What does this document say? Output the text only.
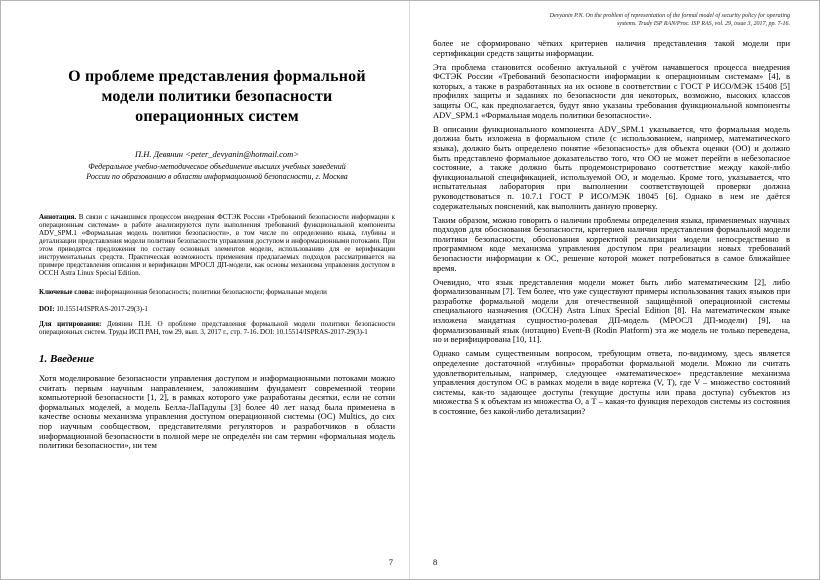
О проблеме представления формальной
модели политики безопасности
операционных систем
П.Н. Девянин <peter_devyanin@hotmail.com>
Федеральное учебно-методическое объединение высших учебных заведений
России по образованию в области информационной безопасности, г. Москва

Аннотация. В связи с начавшимся процессом внедрения ФСТЭК России «Требований безопасности информации к операционным системам» в работе анализируются пути выполнения требований функциональной компоненты ADV_SPM.1 «Формальная модель политики безопасности», в том числе по определению языка, глубины и детализации представления модели политики безопасности управления доступом и информационными потоками. При этом приводятся предложения по составу основных элементов модели, использованию для ее верификации инструментальных средств. Практическая возможность применения предлагаемых подходов рассматривается на примере представления описания и верификации МРОСЛ ДП-модели, как основы механизма управления доступом в ОССН Astra Linux Special Edition.

Ключевые слова: информационная безопасность; политики безопасности; формальные модели

DOI: 10.15514/ISPRAS-2017-29(3)-1

Для цитирования: Девянин П.Н. О проблеме представления формальной модели политики безопасности операционных систем. Труды ИСП РАН, том 29, вып. 3, 2017 г., стр. 7-16. DOI: 10.15514/ISPRAS-2017-29(3)-1

1. Введение

Хотя моделирование безопасности управления доступом и информационными потоками можно считать первым научным направлением, заложившим фундамент современной теории компьютерной безопасности [1, 2], в рамках которого уже разработаны десятки, если не сотни формальных моделей, а модель Белла-ЛаПадулы [3] более 40 лет назад была применена в качестве основы механизма управления доступом операционной системы (ОС) Multics, до сих пор научным сообществом, представителями регуляторов и разработчиков в области информационной безопасности в полной мере не определён ни сам термин «формальная модель политики безопасности», ни тем

7
Devyanin P.N. On the problem of representation of the formal model of security policy for operating systems. Trudy ISP RAN/Proc. ISP RAS, vol. 29, issue 3, 2017, pp. 7-16.

более не сформировано чётких критериев наличия представления такой модели при сертификации средств защиты информации.

Эта проблема становится особенно актуальной с учётом начавшегося процесса внедрения ФСТЭК России «Требований безопасности информации к операционным системам» [4], в которых, а также в разработанных на их основе в соответствии с ГОСТ Р ИСО/МЭК 15408 [5] профилях защиты и заданиях по безопасности для некоторых, возможно, высоких классов защиты ОС, как предполагается, будут явно указаны требования функциональной компоненты ADV_SPM.1 «Формальная модель политики безопасности».

В описании функционального компонента ADV_SPM.1 указывается, что формальная модель должна быть изложена в формальном стиле (с использованием, например, математического языка), должно быть определено понятие «безопасность» для объекта оценки (ОО) и должно быть представлено формальное доказательство того, что ОО не может перейти в небезопасное состояние, а также должно быть продемонстрировано соответствие между какой-либо функциональной спецификацией, используемой ОО, и моделью. Кроме того, указывается, что испытательная лаборатория при выполнении соответствующей проверки должна руководствоваться п. 10.7.1 ГОСТ Р ИСО/МЭК 18045 [6]. Однако в нем не даётся содержательных пояснений, как выполнить данную проверку.

Таким образом, можно говорить о наличии проблемы определения языка, применяемых научных подходов для обоснования безопасности, критериев наличия представления формальной модели политики безопасности, обоснования корректной реализации модели непосредственно в программном коде механизма управления доступом при реализации новых требований безопасности информации к ОС, решение которой может потребоваться в самое ближайшее время.

Очевидно, что язык представления модели может быть либо математическим [2], либо формализованным [7]. Тем более, что уже существуют примеры использования таких языков при разработке формальной модели для отечественной защищённой операционной системы специального назначения (ОССН) Astra Linux Special Edition [8]. На математическом языке изложена мандатная сущностно-ролевая ДП-модель (МРОСЛ ДП-модели) [9], на формализованный язык (нотацию) Event-B (Rodin Platform) эта же модель не только переведена, но и верифицирована [10, 11].

Однако самым существенным вопросом, требующим ответа, по-видимому, здесь является определение достаточной «глубины» проработки формальной модели. Можно ли считать удовлетворительным, например, следующее «математическое» представление механизма управления доступом ОС в рамках модели в виде кортежа (V, T), где V – множество состояний системы, как-то задающее доступы (текущие доступы или права доступа) субъектов из множества S к объектам из множества O, а T – какая-то функция переходов системы из состояния в состояние, без какой-либо детализации?

8
